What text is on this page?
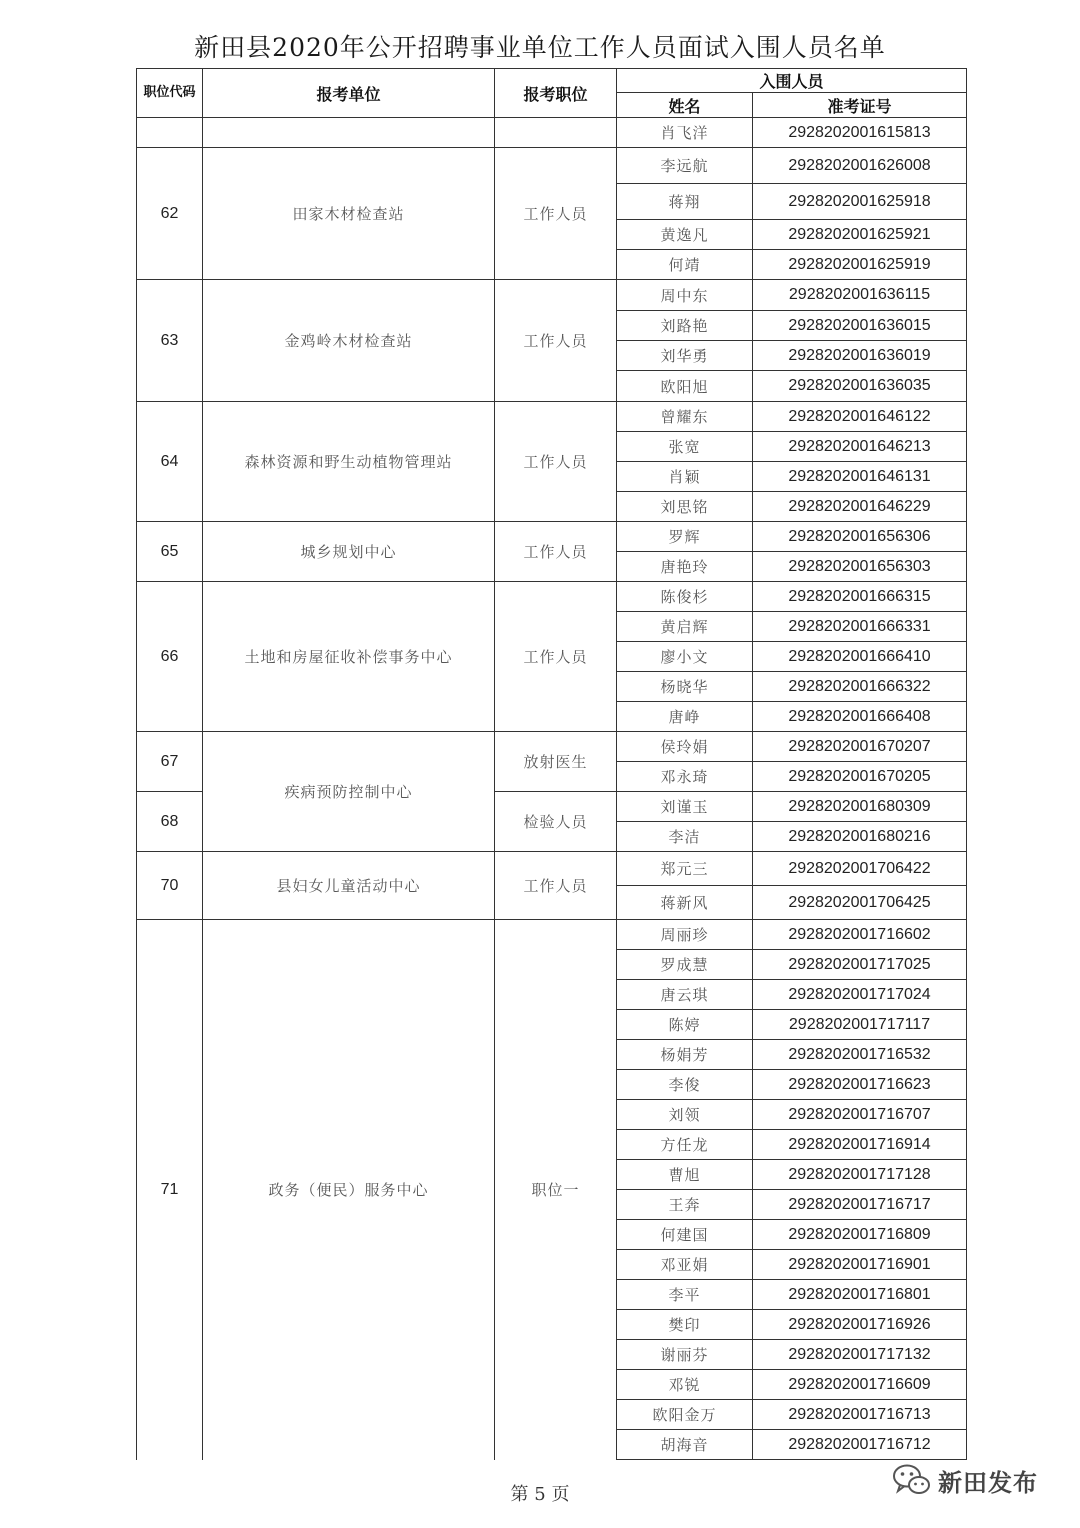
新田县2020年公开招聘事业单位工作人员面试入围人员名单
职位代码	报考单位	报考职位	入围人员		
			姓名	准考证号	
			肖飞洋	2928202001615813	
62	田家木材检查站	工作人员	李远航	2928202001626008	
			蒋翔	2928202001625918	
			黄逸凡	2928202001625921	
			何靖	2928202001625919	
63	金鸡岭木材检查站	工作人员	周中东	2928202001636115	
			刘路艳	2928202001636015	
			刘华勇	2928202001636019	
			欧阳旭	2928202001636035	
64	森林资源和野生动植物管理站	工作人员	曾耀东	2928202001646122	
			张宽	2928202001646213	
			肖颖	2928202001646131	
			刘思铭	2928202001646229	
65	城乡规划中心	工作人员	罗辉	2928202001656306	
			唐艳玲	2928202001656303	
66	土地和房屋征收补偿事务中心	工作人员	陈俊杉	2928202001666315	
			黄启辉	2928202001666331	
			廖小文	2928202001666410	
			杨晓华	2928202001666322	
			唐峥	2928202001666408	
67	疾病预防控制中心	放射医生	侯玲娟	2928202001670207	
			邓永琦	2928202001670205	
68		检验人员	刘谨玉	2928202001680309	
			李洁	2928202001680216	
70	县妇女儿童活动中心	工作人员	郑元三	2928202001706422	
			蒋新风	2928202001706425	
71	政务（便民）服务中心	职位一	周丽珍	2928202001716602	
			罗成慧	2928202001717025	
			唐云琪	2928202001717024	
			陈婷	2928202001717117	
			杨娟芳	2928202001716532	
			李俊	2928202001716623	
			刘领	2928202001716707	
			方任龙	2928202001716914	
			曹旭	2928202001717128	
			王奔	2928202001716717	
			何建国	2928202001716809	
			邓亚娟	2928202001716901	
			李平	2928202001716801	
			樊印	2928202001716926	
			谢丽芬	2928202001717132	
			邓锐	2928202001716609	
			欧阳金万	2928202001716713	
			胡海音	2928202001716712	
第 5 页	新田发布
